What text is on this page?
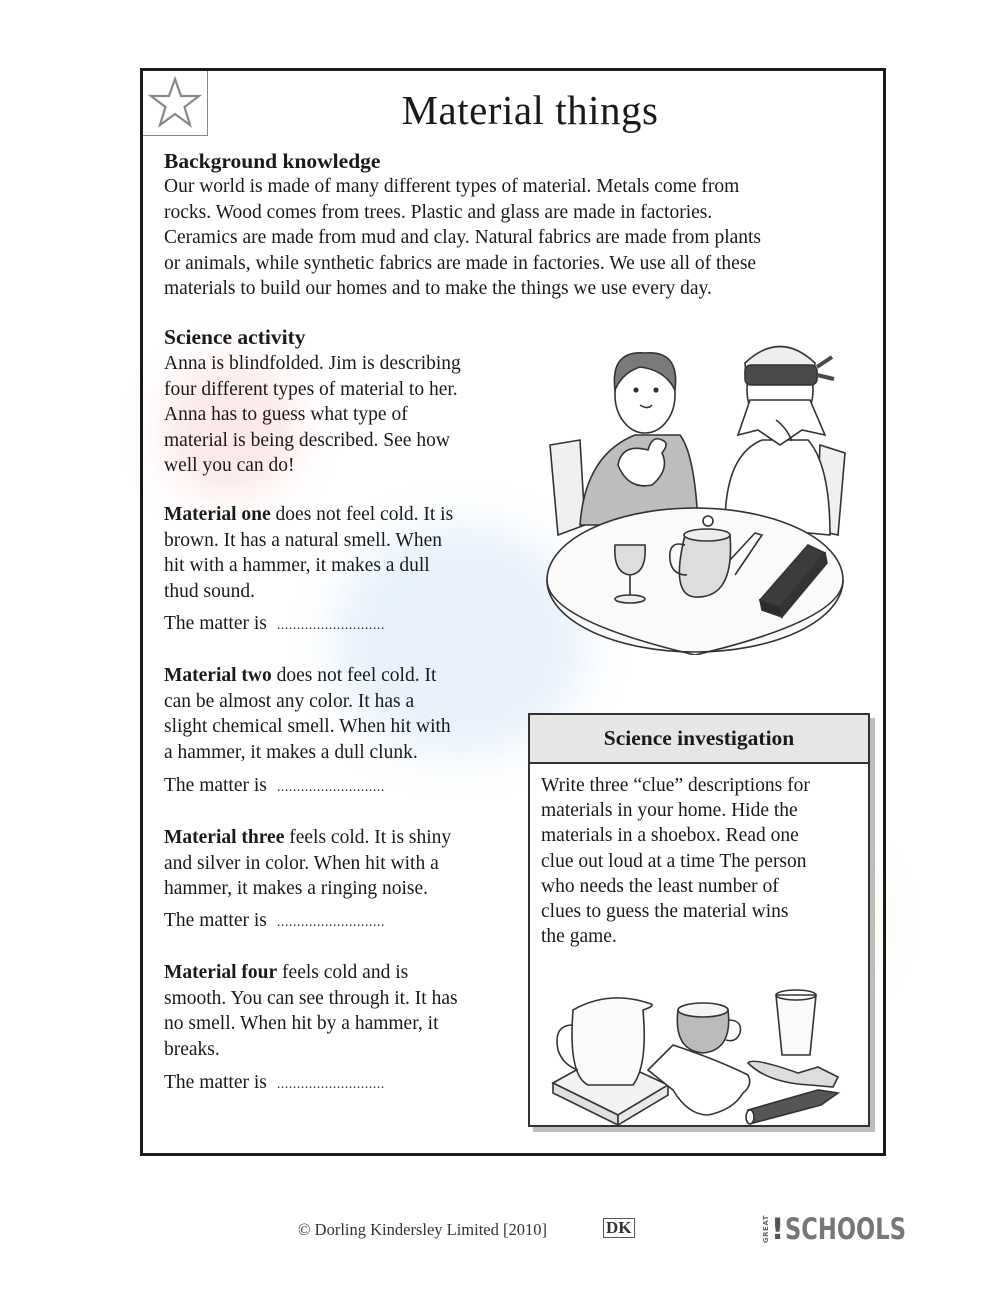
Material things
Background knowledge
Our world is made of many different types of material. Metals come from
rocks. Wood comes from trees. Plastic and glass are made in factories.
Ceramics are made from mud and clay. Natural fabrics are made from plants
or animals, while synthetic fabrics are made in factories. We use all of these
materials to build our homes and to make the things we use every day.
Science activity
Anna is blindfolded. Jim is describing
four different types of material to her.
Anna has to guess what type of
material is being described. See how
well you can do!
Material one does not feel cold. It is
brown. It has a natural smell. When
hit with a hammer, it makes a dull
thud sound.
The matter is ...........................
Material two does not feel cold. It
can be almost any color. It has a
slight chemical smell. When hit with
a hammer, it makes a dull clunk.
The matter is ...........................
Material three feels cold. It is shiny
and silver in color. When hit with a
hammer, it makes a ringing noise.
The matter is ...........................
Material four feels cold and is
smooth. You can see through it. It has
no smell. When hit by a hammer, it
breaks.
The matter is ...........................
Science investigation
Write three “clue” descriptions for
materials in your home. Hide the
materials in a shoebox. Read one
clue out loud at a time The person
who needs the least number of
clues to guess the material wins
the game.
© Dorling Kindersley Limited [2010]	DK	GREAT ! SCHOOLS
